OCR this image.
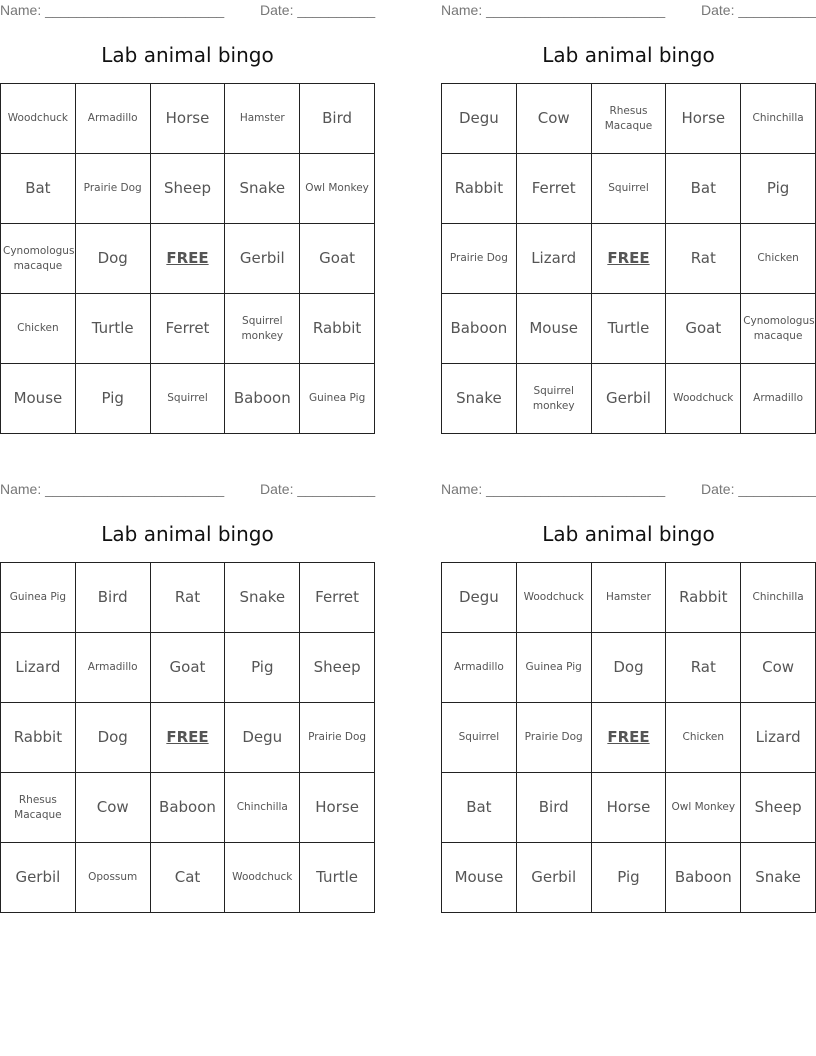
Name: _______________________	Date: __________
Lab animal bingo
Woodchuck	Armadillo	Horse	Hamster	Bird
Bat	Prairie Dog	Sheep	Snake	Owl Monkey
Cynomologus macaque	Dog	FREE	Gerbil	Goat
Chicken	Turtle	Ferret	Squirrel monkey	Rabbit
Mouse	Pig	Squirrel	Baboon	Guinea Pig
Name: _______________________	Date: __________
Lab animal bingo
Degu	Cow	Rhesus Macaque	Horse	Chinchilla
Rabbit	Ferret	Squirrel	Bat	Pig
Prairie Dog	Lizard	FREE	Rat	Chicken
Baboon	Mouse	Turtle	Goat	Cynomologus macaque
Snake	Squirrel monkey	Gerbil	Woodchuck	Armadillo
Name: _______________________	Date: __________
Lab animal bingo
Guinea Pig	Bird	Rat	Snake	Ferret
Lizard	Armadillo	Goat	Pig	Sheep
Rabbit	Dog	FREE	Degu	Prairie Dog
Rhesus Macaque	Cow	Baboon	Chinchilla	Horse
Gerbil	Opossum	Cat	Woodchuck	Turtle
Name: _______________________	Date: __________
Lab animal bingo
Degu	Woodchuck	Hamster	Rabbit	Chinchilla
Armadillo	Guinea Pig	Dog	Rat	Cow
Squirrel	Prairie Dog	FREE	Chicken	Lizard
Bat	Bird	Horse	Owl Monkey	Sheep
Mouse	Gerbil	Pig	Baboon	Snake
